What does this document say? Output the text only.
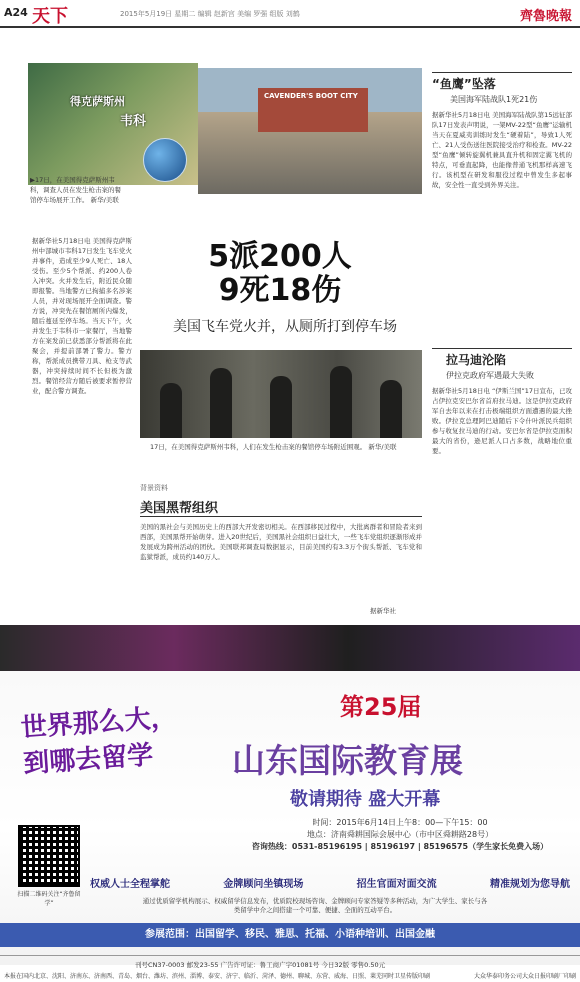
A24 天下	2015年5月19日 星期二 编辑 赵新宫 美编 罗强 组版 刘鹤	齊魯晚報
得克萨斯州
韦科
▶17日，在美国得克萨斯州韦科，调查人员在发生枪击案的餐馆停车场展开工作。 新华/美联
CAVENDER'S BOOT CITY
据新华社5月18日电 美国得克萨斯州中部城市韦科17日发生飞车党火并事件，造成至少9人死亡、18人受伤。至少5个帮派、约200人卷入冲突。火并发生后，附近民众随即报警。当地警方已拘捕多名涉案人员，并对现场展开全面调查。警方说，冲突先在餐馆厕所内爆发，随后蔓延至停车场。当天下午，火并发生于韦科市一家餐厅，当地警方在案发前已获悉部分帮派将在此聚会，并提前部署了警力。警方称，帮派成员携带刀具、枪支等武器，冲突持续时间不长但极为激烈。餐馆经营方随后被要求暂停营业，配合警方调查。
5派200人
9死18伤
美国飞车党火并，从厕所打到停车场
17日，在美国得克萨斯州韦科，人们在发生枪击案的餐馆停车场附近围观。 新华/美联
背景资料
美国黑帮组织
美国的黑社会与美国历史上的西部大开发密切相关。在西部移民过程中，大批离群者和冒险者来到西部，美国黑帮开始萌芽。进入20世纪后，美国黑社会组织日益壮大，一些飞车党组织逐渐形成并发展成为跨州活动的团伙。美国联邦调查局数据显示，目前美国约有3.3万个街头帮派、飞车党和监狱帮派，成员约140万人。
据新华社
“鱼鹰”坠落
美国海军陆战队1死21伤
据新华社5月18日电 美国海军陆战队第15远征部队17日发表声明说，一架MV-22型“鱼鹰”运输机当天在夏威夷训练时发生“硬着陆”，导致1人死亡、21人受伤送往医院接受治疗和检查。MV-22型“鱼鹰”倾转旋翼机兼具直升机和固定翼飞机的特点，可垂直起降，也能像普通飞机那样高速飞行。该机型在研发和服役过程中曾发生多起事故，安全性一直受到外界关注。
拉马迪沦陷
伊拉克政府军遇最大失败
据新华社5月18日电 “伊斯兰国”17日宣布，已攻占伊拉克安巴尔省首府拉马迪。这是伊拉克政府军自去年以来在打击极端组织方面遭遇的最大挫败。伊拉克总理阿巴迪随后下令什叶派民兵组织参与收复拉马迪的行动。安巴尔省是伊拉克面积最大的省份，逊尼派人口占多数，战略地位重要。
世界那么大，
到哪去留学
第25届
山东国际教育展
敬请期待 盛大开幕
时间：2015年6月14日上午8：00—下午15：00
地点：济南舜耕国际会展中心（市中区舜耕路28号）
咨询热线：0531-85196195 | 85196197 | 85196575（学生家长免费入场）
扫描二维码关注“齐鲁留学”
权威人士全程掌舵	金牌顾问坐镇现场	招生官面对面交流	精准规划为您导航
通过优质留学机构展示、权威留学信息发布，优质院校现场咨询、金牌顾问专家答疑等多种活动，为广大学生、家长与各类留学中介之间搭建一个可靠、便捷、全面的互动平台。
参展范围：出国留学、移民、雅思、托福、小语种培训、出国金融
刊号CN37-0003 邮发23-55 广告许可证：鲁工商广字01081号 今日32版 零售0.50元
本报在国内北京、沈阳、济南东、济南西、青岛、烟台、潍坊、滨州、淄博、泰安、济宁、临沂、菏泽、德州、聊城、东营、威海、日照、莱芜同时卫星传版印刷	大众华泰印务公司大众日报印刷厂印刷
